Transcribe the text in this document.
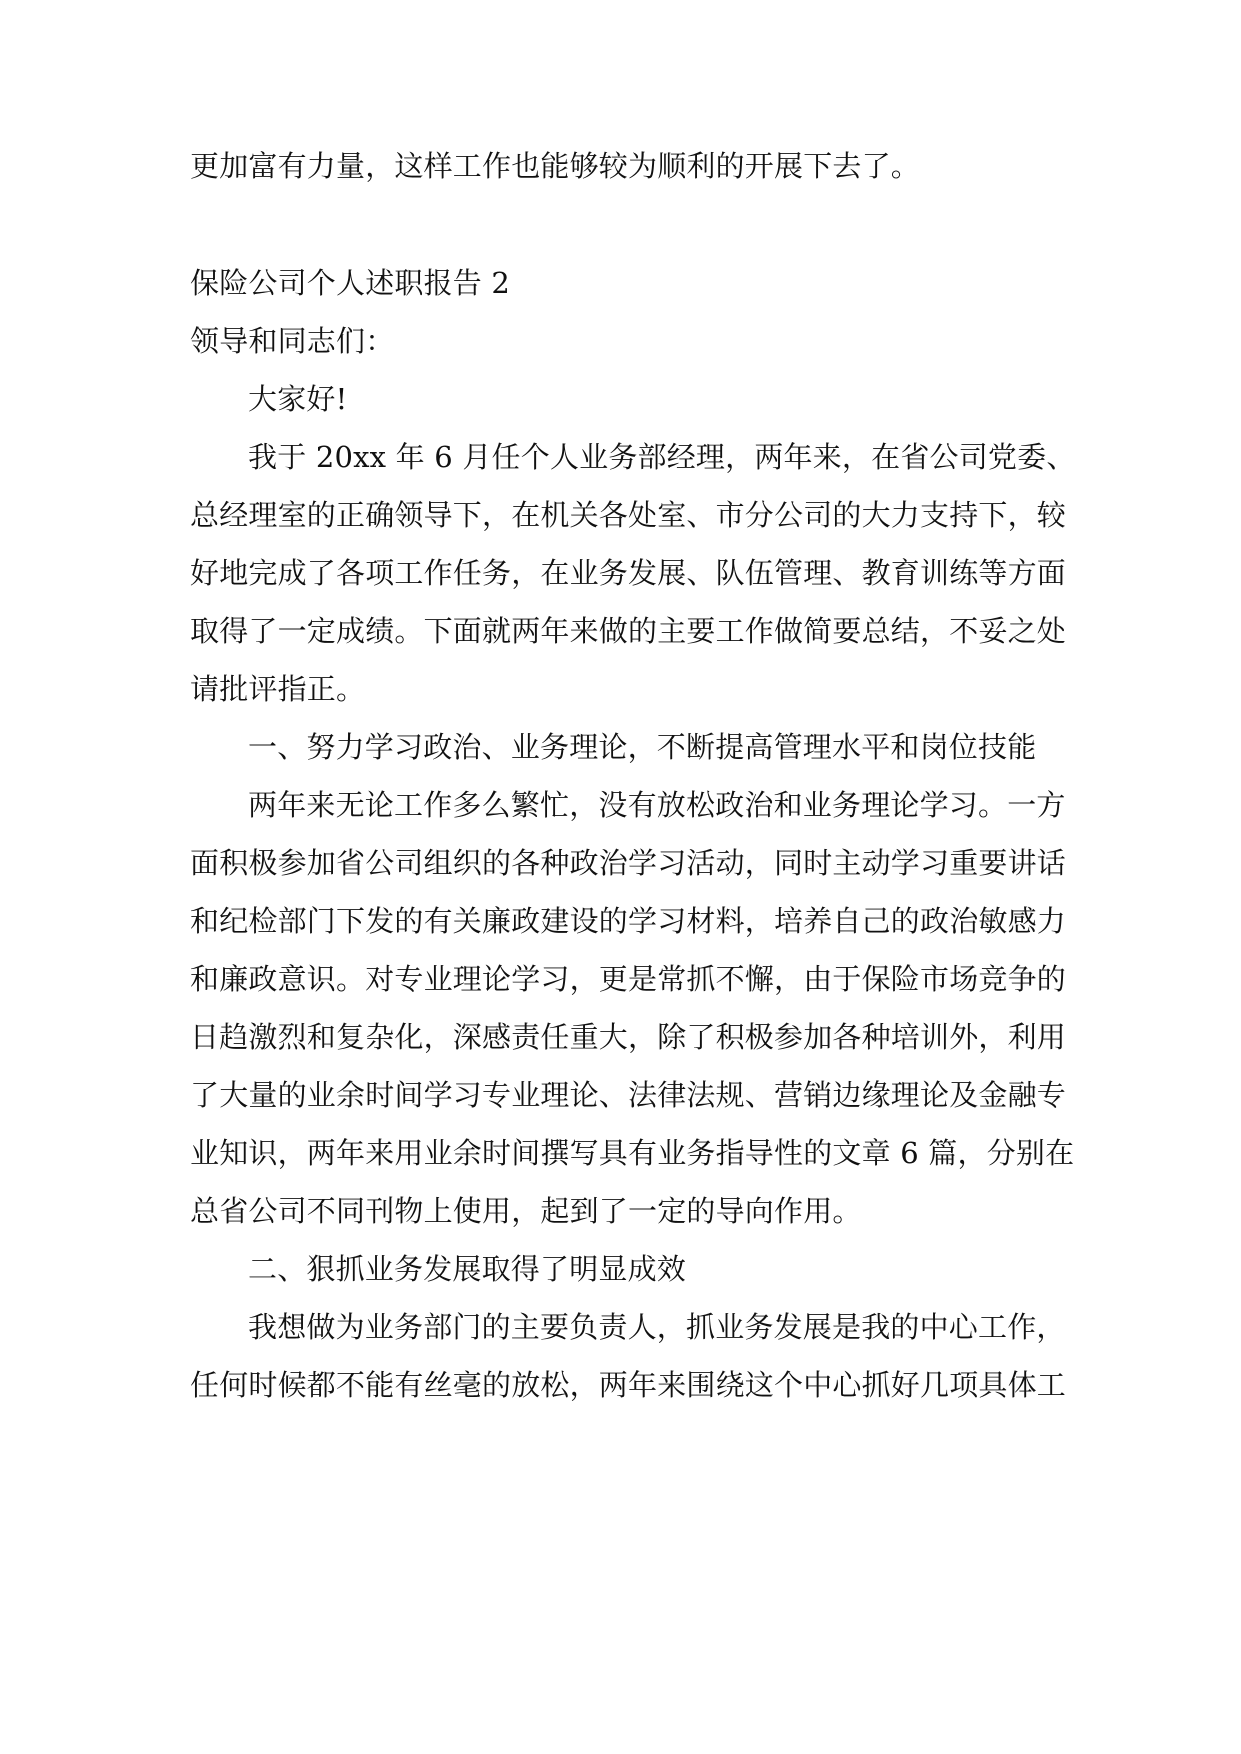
更加富有力量，这样工作也能够较为顺利的开展下去了。
保险公司个人述职报告 2
领导和同志们：
大家好!
我于 20xx 年 6 月任个人业务部经理，两年来，在省公司党委、
总经理室的正确领导下，在机关各处室、市分公司的大力支持下，较
好地完成了各项工作任务，在业务发展、队伍管理、教育训练等方面
取得了一定成绩。下面就两年来做的主要工作做简要总结，不妥之处
请批评指正。
一、努力学习政治、业务理论，不断提高管理水平和岗位技能
两年来无论工作多么繁忙，没有放松政治和业务理论学习。一方
面积极参加省公司组织的各种政治学习活动，同时主动学习重要讲话
和纪检部门下发的有关廉政建设的学习材料，培养自己的政治敏感力
和廉政意识。对专业理论学习，更是常抓不懈，由于保险市场竞争的
日趋激烈和复杂化，深感责任重大，除了积极参加各种培训外，利用
了大量的业余时间学习专业理论、法律法规、营销边缘理论及金融专
业知识，两年来用业余时间撰写具有业务指导性的文章 6 篇，分别在
总省公司不同刊物上使用，起到了一定的导向作用。
二、狠抓业务发展取得了明显成效
我想做为业务部门的主要负责人，抓业务发展是我的中心工作，
任何时候都不能有丝毫的放松，两年来围绕这个中心抓好几项具体工
